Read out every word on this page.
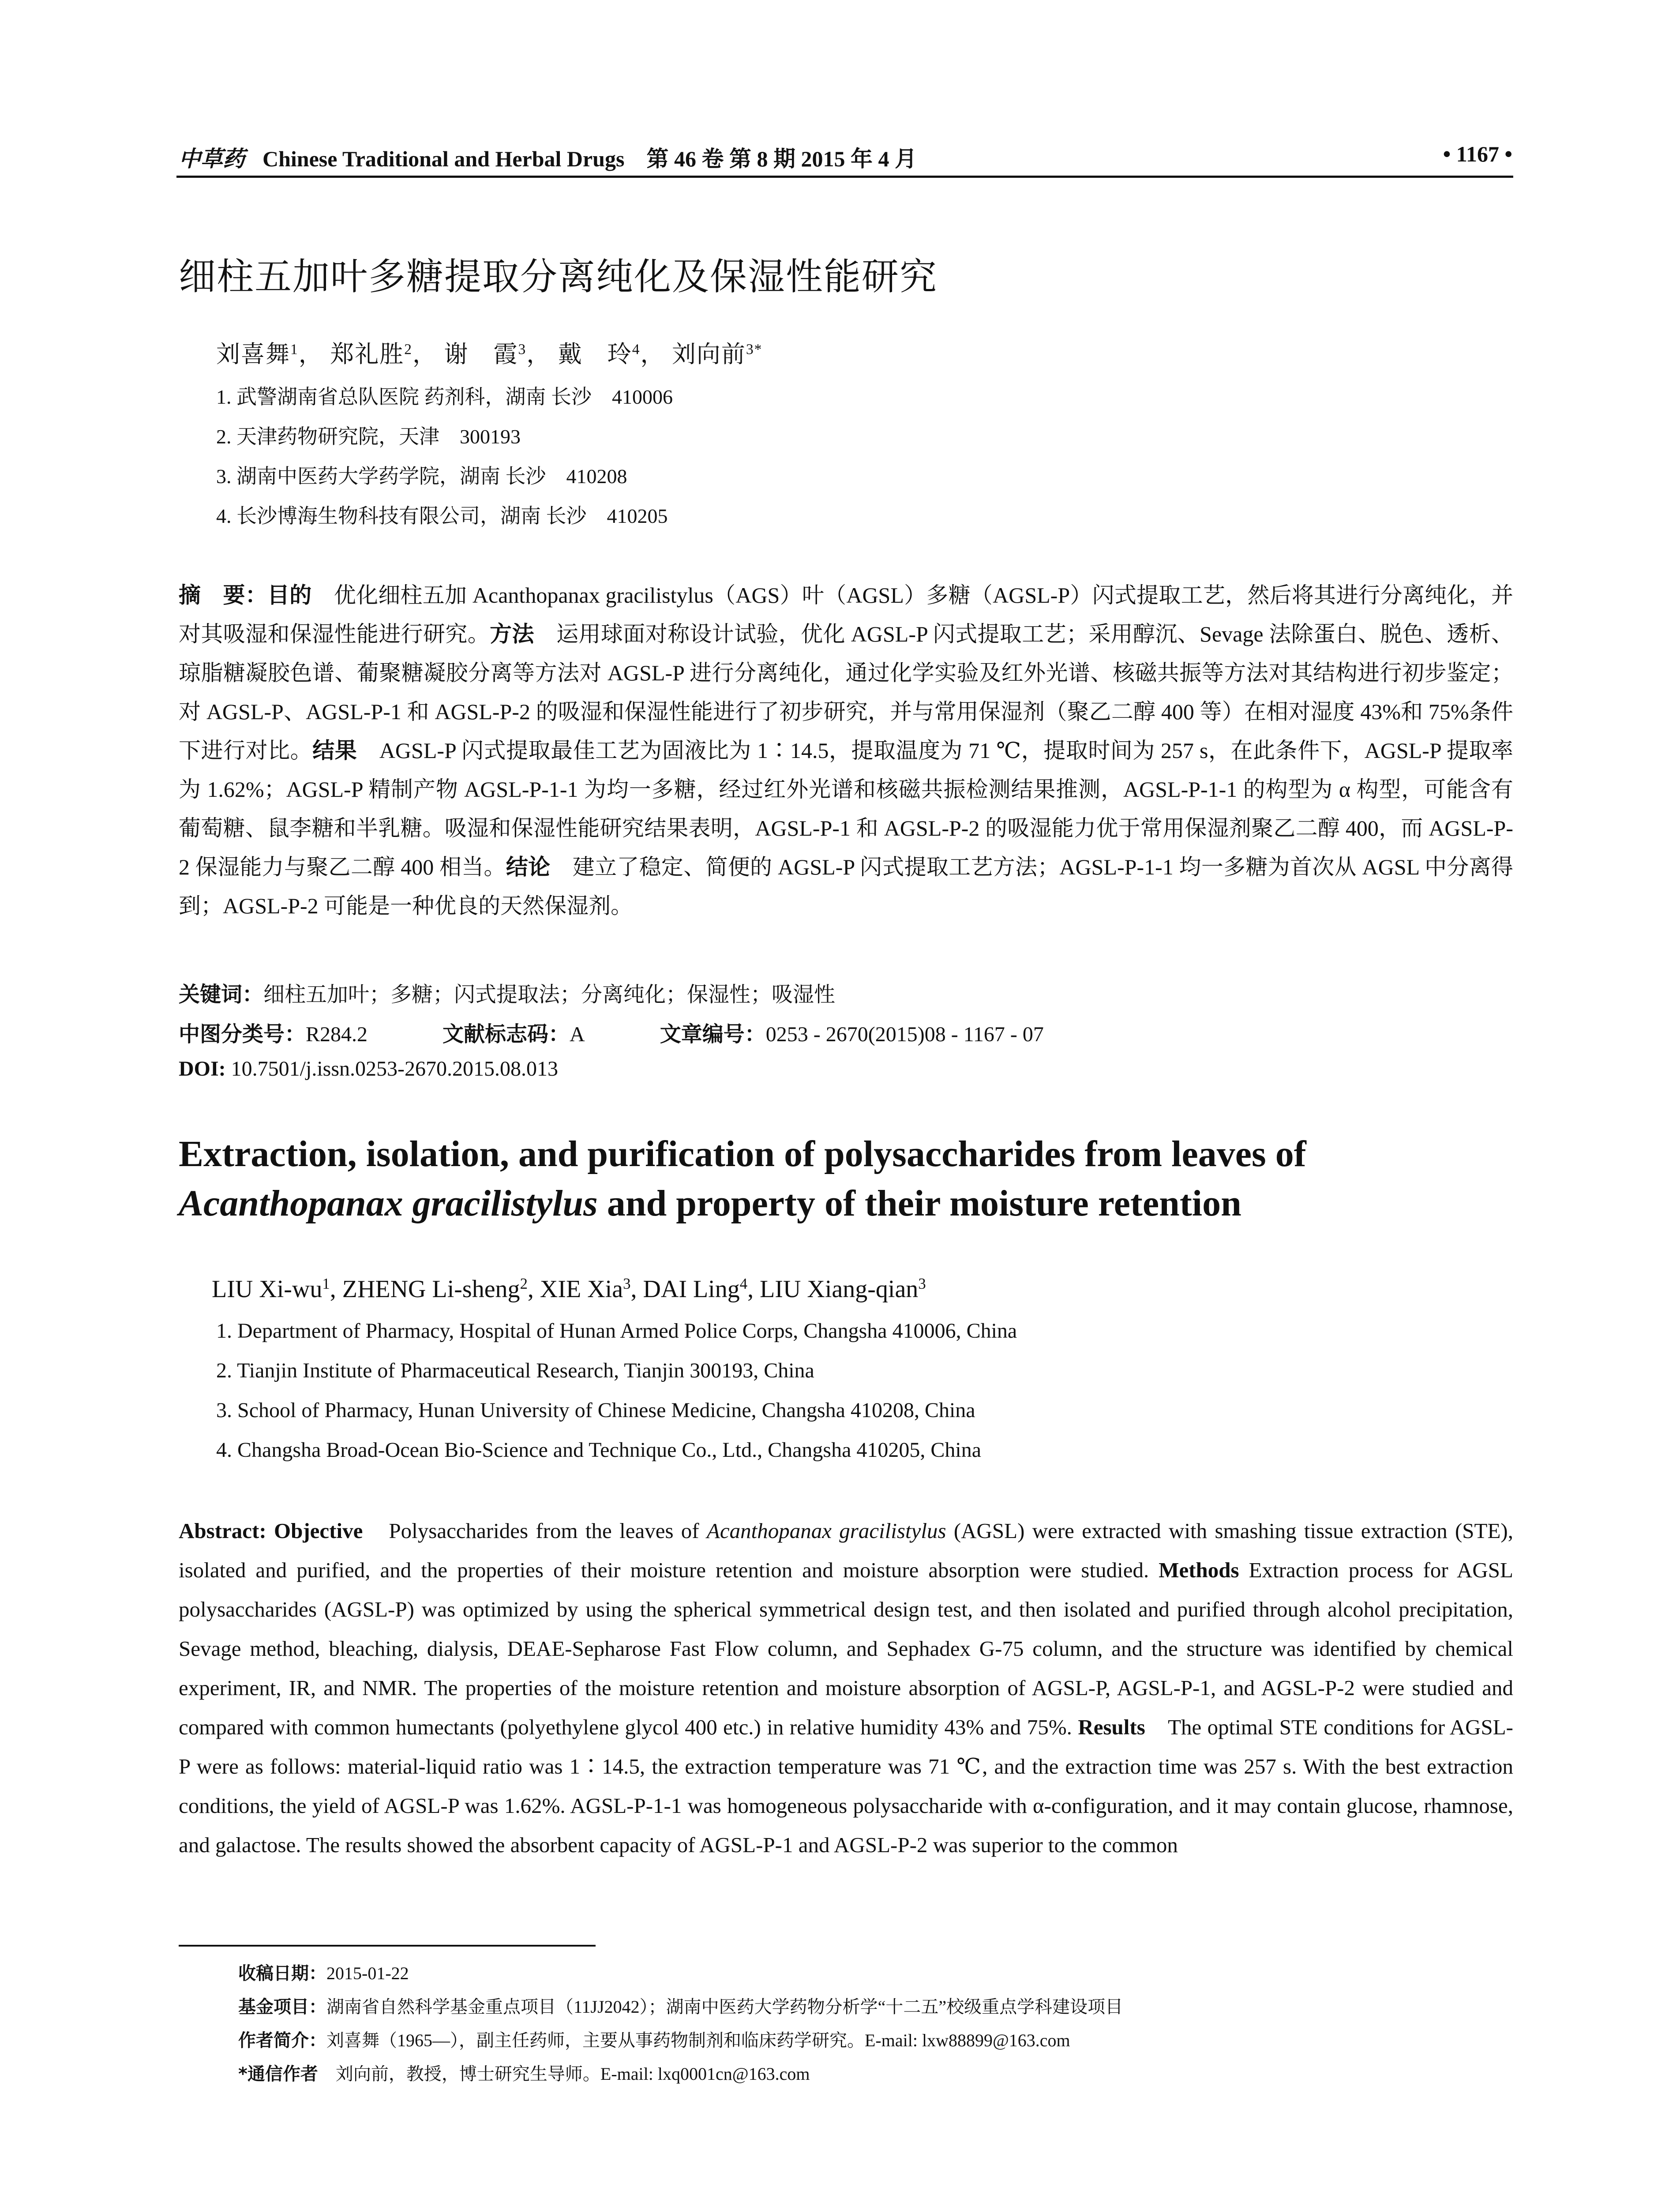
中草药 Chinese Traditional and Herbal Drugs　第 46 卷 第 8 期 2015 年 4 月	• 1167 •
细柱五加叶多糖提取分离纯化及保湿性能研究
刘喜舞$^1$， 郑礼胜$^2$， 谢　霞$^3$， 戴　玲$^4$， 刘向前$^{3*}$
1. 武警湖南省总队医院 药剂科，湖南 长沙　410006
2. 天津药物研究院，天津　300193
3. 湖南中医药大学药学院，湖南 长沙　410208
4. 长沙博海生物科技有限公司，湖南 长沙　410205
摘　要：目的　优化细柱五加 Acanthopanax gracilistylus（AGS）叶（AGSL）多糖（AGSL-P）闪式提取工艺，然后将其进行分离纯化，并对其吸湿和保湿性能进行研究。方法　运用球面对称设计试验，优化 AGSL-P 闪式提取工艺；采用醇沉、Sevage 法除蛋白、脱色、透析、琼脂糖凝胶色谱、葡聚糖凝胶分离等方法对 AGSL-P 进行分离纯化，通过化学实验及红外光谱、核磁共振等方法对其结构进行初步鉴定；对 AGSL-P、AGSL-P-1 和 AGSL-P-2 的吸湿和保湿性能进行了初步研究，并与常用保湿剂（聚乙二醇 400 等）在相对湿度 43%和 75%条件下进行对比。结果　AGSL-P 闪式提取最佳工艺为固液比为 1∶14.5，提取温度为 71 ℃，提取时间为 257 s，在此条件下，AGSL-P 提取率为 1.62%；AGSL-P 精制产物 AGSL-P-1-1 为均一多糖，经过红外光谱和核磁共振检测结果推测，AGSL-P-1-1 的构型为 α 构型，可能含有葡萄糖、鼠李糖和半乳糖。吸湿和保湿性能研究结果表明，AGSL-P-1 和 AGSL-P-2 的吸湿能力优于常用保湿剂聚乙二醇 400，而 AGSL-P-2 保湿能力与聚乙二醇 400 相当。结论　建立了稳定、简便的 AGSL-P 闪式提取工艺方法；AGSL-P-1-1 均一多糖为首次从 AGSL 中分离得到；AGSL-P-2 可能是一种优良的天然保湿剂。
关键词：细柱五加叶；多糖；闪式提取法；分离纯化；保湿性；吸湿性
中图分类号：R284.2	文献标志码：A	文章编号：0253 - 2670(2015)08 - 1167 - 07
DOI: 10.7501/j.issn.0253-2670.2015.08.013
Extraction, isolation, and purification of polysaccharides from leaves of
Acanthopanax gracilistylus and property of their moisture retention
LIU $Xi-wu^1$, ZHENG Li-sheng$^2$, XIE Xia$^3$, DAI Ling$^4$, LIU Xiang-qian$^3$
1. Department of Pharmacy, Hospital of Hunan Armed Police Corps, Changsha 410006, China
2. Tianjin Institute of Pharmaceutical Research, Tianjin 300193, China
3. School of Pharmacy, Hunan University of Chinese Medicine, Changsha 410208, China
4. Changsha Broad-Ocean Bio-Science and Technique Co., Ltd., Changsha 410205, China
Abstract: Objective　Polysaccharides from the leaves of Acanthopanax gracilistylus (AGSL) were extracted with smashing tissue extraction (STE), isolated and purified, and the properties of their moisture retention and moisture absorption were studied. Methods Extraction process for AGSL polysaccharides (AGSL-P) was optimized by using the spherical symmetrical design test, and then isolated and purified through alcohol precipitation, Sevage method, bleaching, dialysis, DEAE-Sepharose Fast Flow column, and Sephadex G-75 column, and the structure was identified by chemical experiment, IR, and NMR. The properties of the moisture retention and moisture absorption of AGSL-P, AGSL-P-1, and AGSL-P-2 were studied and compared with common humectants (polyethylene glycol 400 etc.) in relative humidity 43% and 75%. Results　The optimal STE conditions for AGSL-P were as follows: material-liquid ratio was 1∶14.5, the extraction temperature was 71 ℃, and the extraction time was 257 s. With the best extraction conditions, the yield of AGSL-P was 1.62%. AGSL-P-1-1 was homogeneous polysaccharide with α-configuration, and it may contain glucose, rhamnose, and galactose. The results showed the absorbent capacity of AGSL-P-1 and AGSL-P-2 was superior to the common
收稿日期：2015-01-22
基金项目：湖南省自然科学基金重点项目（11JJ2042）；湖南中医药大学药物分析学“十二五”校级重点学科建设项目
作者简介：刘喜舞（1965—），副主任药师，主要从事药物制剂和临床药学研究。E-mail: lxw88899@163.com
*通信作者　刘向前，教授，博士研究生导师。E-mail: lxq0001cn@163.com
